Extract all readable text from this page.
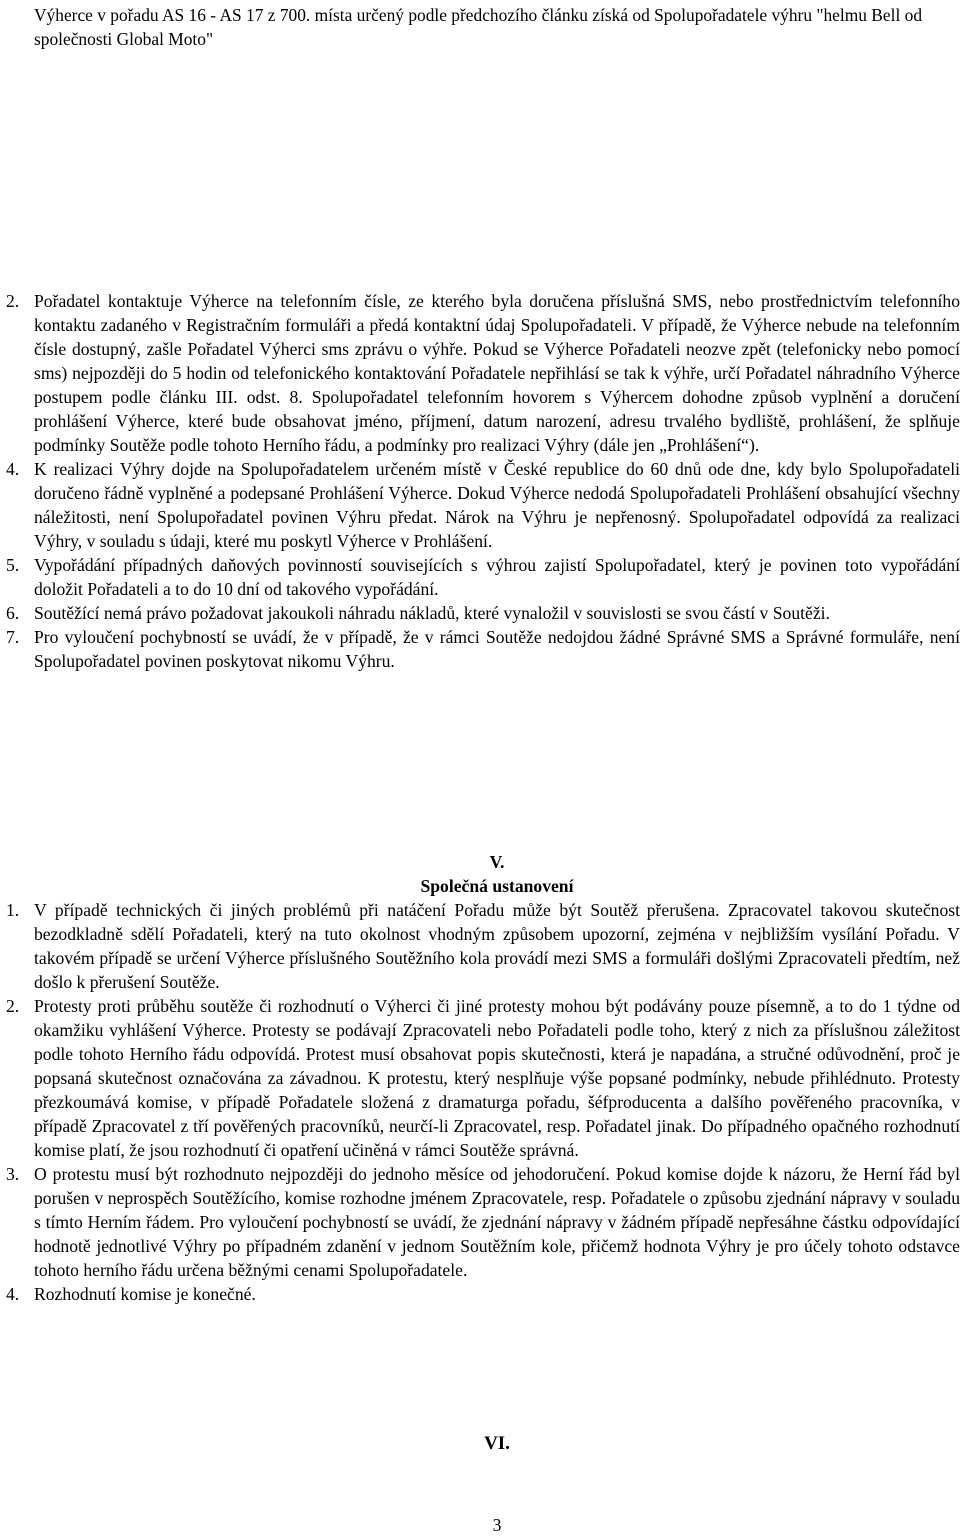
Výherce v pořadu AS 16 - AS 17 z 700. místa určený podle předchozího článku získá od Spolupořadatele výhru "helmu Bell od společnosti Global Moto"
2. Pořadatel kontaktuje Výherce na telefonním čísle, ze kterého byla doručena příslušná SMS, nebo prostřednictvím telefonního kontaktu zadaného v Registračním formuláři a předá kontaktní údaj Spolupořadateli. V případě, že Výherce nebude na telefonním čísle dostupný, zašle Pořadatel Výherci sms zprávu o výhře. Pokud se Výherce Pořadateli neozve zpět (telefonicky nebo pomocí sms) nejpozději do 5 hodin od telefonického kontaktování Pořadatele nepřihlásí se tak k výhře, určí Pořadatel náhradního Výherce postupem podle článku III. odst. 8. Spolupořadatel telefonním hovorem s Výhercem dohodne způsob vyplnění a doručení prohlášení Výherce, které bude obsahovat jméno, příjmení, datum narození, adresu trvalého bydliště, prohlášení, že splňuje podmínky Soutěže podle tohoto Herního řádu, a podmínky pro realizaci Výhry (dále jen „Prohlášení“).
4. K realizaci Výhry dojde na Spolupořadatelem určeném místě v České republice do 60 dnů ode dne, kdy bylo Spolupořadateli doručeno řádně vyplněné a podepsané Prohlášení Výherce. Dokud Výherce nedodá Spolupořadateli Prohlášení obsahující všechny náležitosti, není Spolupořadatel povinen Výhru předat. Nárok na Výhru je nepřenosný. Spolupořadatel odpovídá za realizaci Výhry, v souladu s údaji, které mu poskytl Výherce v Prohlášení.
5. Vypořádání případných daňových povinností souvisejících s výhrou zajistí Spolupořadatel, který je povinen toto vypořádání doložit Pořadateli a to do 10 dní od takového vypořádání.
6. Soutěžící nemá právo požadovat jakoukoli náhradu nákladů, které vynaložil v souvislosti se svou částí v Soutěži.
7. Pro vyloučení pochybností se uvádí, že v případě, že v rámci Soutěže nedojdou žádné Správné SMS a Správné formuláře, není Spolupořadatel povinen poskytovat nikomu Výhru.
V.
Společná ustanovení
1. V případě technických či jiných problémů při natáčení Pořadu může být Soutěž přerušena. Zpracovatel takovou skutečnost bezodkladně sdělí Pořadateli, který na tuto okolnost vhodným způsobem upozorní, zejména v nejbližším vysílání Pořadu. V takovém případě se určení Výherce příslušného Soutěžního kola provádí mezi SMS a formuláři došlými Zpracovateli předtím, než došlo k přerušení Soutěže.
2. Protesty proti průběhu soutěže či rozhodnutí o Výherci či jiné protesty mohou být podávány pouze písemně, a to do 1 týdne od okamžiku vyhlášení Výherce. Protesty se podávají Zpracovateli nebo Pořadateli podle toho, který z nich za příslušnou záležitost podle tohoto Herního řádu odpovídá. Protest musí obsahovat popis skutečnosti, která je napadána, a stručné odůvodnění, proč je popsaná skutečnost označována za závadnou. K protestu, který nesplňuje výše popsané podmínky, nebude přihlédnuto. Protesty přezkoumává komise, v případě Pořadatele složená z dramaturga pořadu, šéfproducenta a dalšího pověřeného pracovníka, v případě Zpracovatel z tří pověřených pracovníků, neurčí-li Zpracovatel, resp. Pořadatel jinak. Do případného opačného rozhodnutí komise platí, že jsou rozhodnutí či opatření učiněná v rámci Soutěže správná.
3. O protestu musí být rozhodnuto nejpozději do jednoho měsíce od jehodoručení. Pokud komise dojde k názoru, že Herní řád byl porušen v neprospěch Soutěžícího, komise rozhodne jménem Zpracovatele, resp. Pořadatele o způsobu zjednání nápravy v souladu s tímto Herním řádem. Pro vyloučení pochybností se uvádí, že zjednání nápravy v žádném případě nepřesáhne částku odpovídající hodnotě jednotlivé Výhry po případném zdanění v jednom Soutěžním kole, přičemž hodnota Výhry je pro účely tohoto odstavce tohoto herního řádu určena běžnými cenami Spolupořadatele.
4. Rozhodnutí komise je konečné.
VI.
3
